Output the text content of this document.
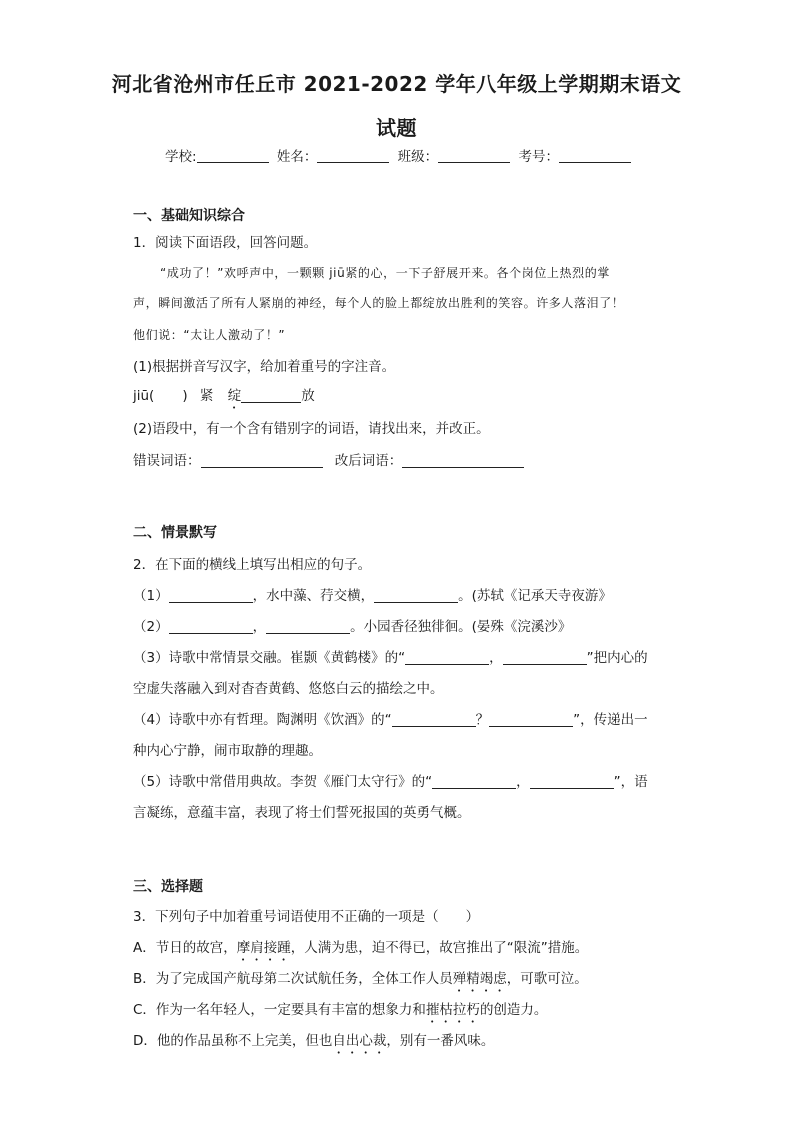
河北省沧州市任丘市 2021-2022 学年八年级上学期期末语文
试题
学校:	姓名：	班级：	考号：
一、基础知识综合
1．阅读下面语段，回答问题。
“成功了！”欢呼声中，一颗颗 jiū紧的心，一下子舒展开来。各个岗位上热烈的掌
声，瞬间激活了所有人紧崩的神经，每个人的脸上都绽放出胜利的笑容。许多人落泪了！
他们说：“太让人激动了！”
(1)根据拼音写汉字，给加着重号的字注音。
jiū( ) 紧 绽	放
(2)语段中，有一个含有错别字的词语，请找出来，并改正。
错误词语：	改后词语：
二、情景默写
2．在下面的横线上填写出相应的句子。
（1）	，水中藻、荇交横，	。(苏轼《记承天寺夜游》
（2）	，	。小园香径独徘徊。(晏殊《浣溪沙》
（3）诗歌中常情景交融。崔颢《黄鹤楼》的“	，	”把内心的
空虚失落融入到对杳杳黄鹤、悠悠白云的描绘之中。
（4）诗歌中亦有哲理。陶渊明《饮酒》的“	？	”，传递出一
种内心宁静，闹市取静的理趣。
（5）诗歌中常借用典故。李贺《雁门太守行》的“	，	”，语
言凝练，意蕴丰富，表现了将士们誓死报国的英勇气概。
三、选择题
3．下列句子中加着重号词语使用不正确的一项是（　　）
A．节日的故宫，摩肩接踵，人满为患，迫不得已，故宫推出了“限流”措施。
B．为了完成国产航母第二次试航任务，全体工作人员殚精竭虑，可歌可泣。
C．作为一名年轻人，一定要具有丰富的想象力和摧枯拉朽的创造力。
D．他的作品虽称不上完美，但也自出心裁，别有一番风味。
